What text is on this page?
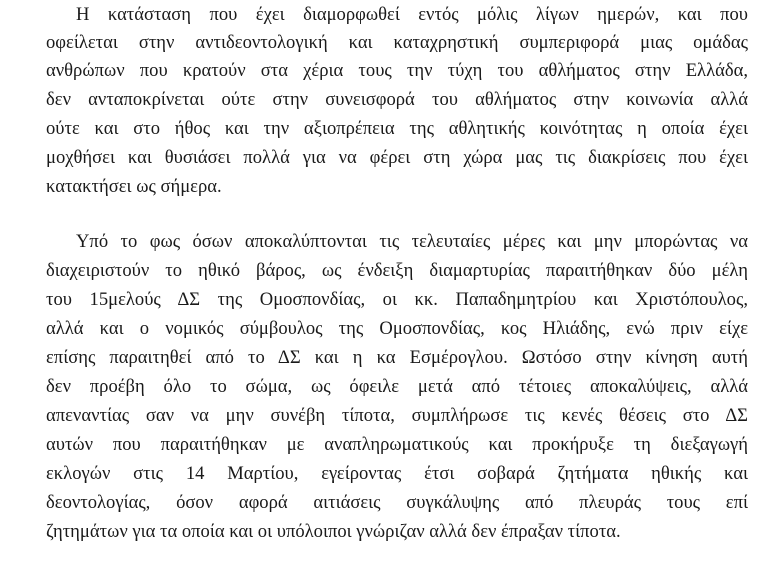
Η κατάσταση που έχει διαμορφωθεί εντός μόλις λίγων ημερών, και που
οφείλεται στην αντιδεοντολογική και καταχρηστική συμπεριφορά μιας ομάδας
ανθρώπων που κρατούν στα χέρια τους την τύχη του αθλήματος στην Ελλάδα,
δεν ανταποκρίνεται ούτε στην συνεισφορά του αθλήματος στην κοινωνία αλλά
ούτε και στο ήθος και την αξιοπρέπεια της αθλητικής κοινότητας η οποία έχει
μοχθήσει και θυσιάσει πολλά για να φέρει στη χώρα μας τις διακρίσεις που έχει
κατακτήσει ως σήμερα.
Υπό το φως όσων αποκαλύπτονται τις τελευταίες μέρες και μην μπορώντας να
διαχειριστούν το ηθικό βάρος, ως ένδειξη διαμαρτυρίας παραιτήθηκαν δύο μέλη
του 15μελούς ΔΣ της Ομοσπονδίας, οι κκ. Παπαδημητρίου και Χριστόπουλος,
αλλά και ο νομικός σύμβουλος της Ομοσπονδίας, κος Ηλιάδης, ενώ πριν είχε
επίσης παραιτηθεί από το ΔΣ και η κα Εσμέρογλου. Ωστόσο στην κίνηση αυτή
δεν προέβη όλο το σώμα, ως όφειλε μετά από τέτοιες αποκαλύψεις, αλλά
απεναντίας σαν να μην συνέβη τίποτα, συμπλήρωσε τις κενές θέσεις στο ΔΣ
αυτών που παραιτήθηκαν με αναπληρωματικούς και προκήρυξε τη διεξαγωγή
εκλογών στις 14 Μαρτίου, εγείροντας έτσι σοβαρά ζητήματα ηθικής και
δεοντολογίας, όσον αφορά αιτιάσεις συγκάλυψης από πλευράς τους επί
ζητημάτων για τα οποία και οι υπόλοιποι γνώριζαν αλλά δεν έπραξαν τίποτα.
